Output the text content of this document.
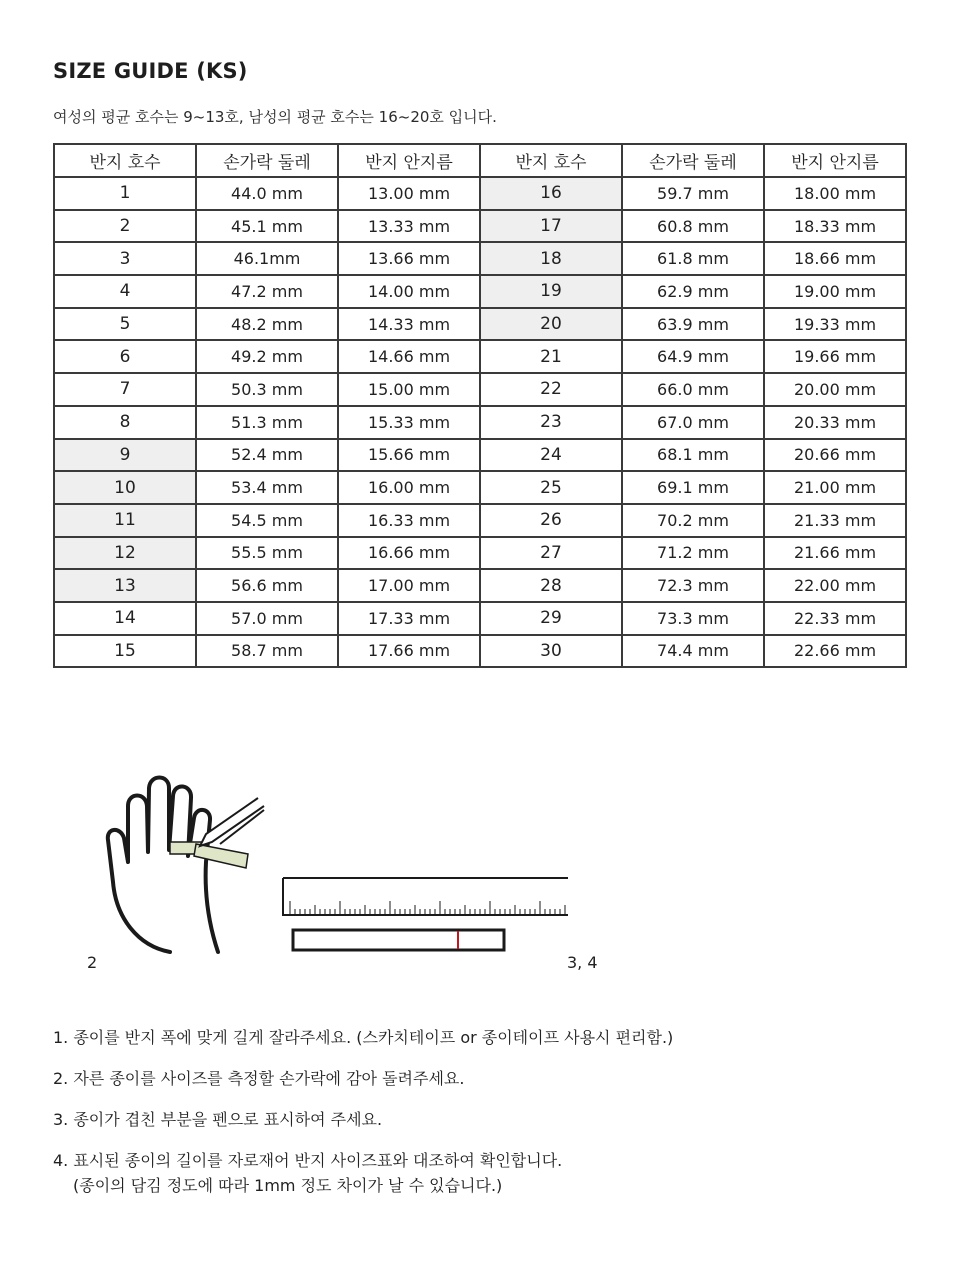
SIZE GUIDE (KS)
여성의 평균 호수는 9~13호, 남성의 평균 호수는 16~20호 입니다.
반지 호수	손가락 둘레	반지 안지름	반지 호수	손가락 둘레	반지 안지름
1	44.0 mm	13.00 mm	16	59.7 mm	18.00 mm
2	45.1 mm	13.33 mm	17	60.8 mm	18.33 mm
3	46.1mm	13.66 mm	18	61.8 mm	18.66 mm
4	47.2 mm	14.00 mm	19	62.9 mm	19.00 mm
5	48.2 mm	14.33 mm	20	63.9 mm	19.33 mm
6	49.2 mm	14.66 mm	21	64.9 mm	19.66 mm
7	50.3 mm	15.00 mm	22	66.0 mm	20.00 mm
8	51.3 mm	15.33 mm	23	67.0 mm	20.33 mm
9	52.4 mm	15.66 mm	24	68.1 mm	20.66 mm
10	53.4 mm	16.00 mm	25	69.1 mm	21.00 mm
11	54.5 mm	16.33 mm	26	70.2 mm	21.33 mm
12	55.5 mm	16.66 mm	27	71.2 mm	21.66 mm
13	56.6 mm	17.00 mm	28	72.3 mm	22.00 mm
14	57.0 mm	17.33 mm	29	73.3 mm	22.33 mm
15	58.7 mm	17.66 mm	30	74.4 mm	22.66 mm
2	3, 4

1. 종이를 반지 폭에 맞게 길게 잘라주세요. (스카치테이프 or 종이테이프 사용시 편리함.)

2. 자른 종이를 사이즈를 측정할 손가락에 감아 돌려주세요.

3. 종이가 겹친 부분을 펜으로 표시하여 주세요.

4. 표시된 종이의 길이를 자로재어 반지 사이즈표와 대조하여 확인합니다.
(종이의 담김 정도에 따라 1mm 정도 차이가 날 수 있습니다.)
